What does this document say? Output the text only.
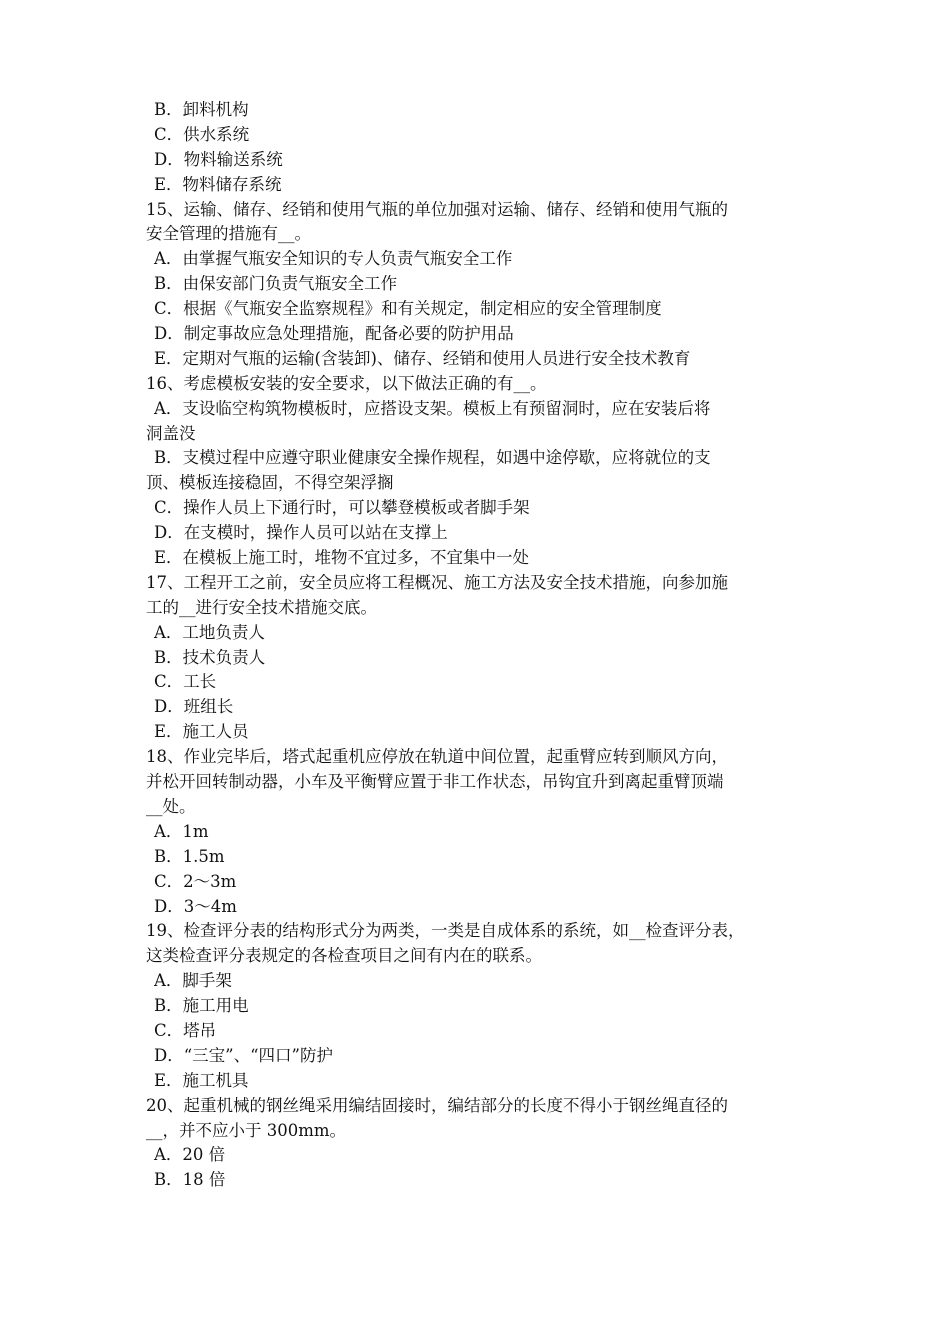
B．卸料机构
C．供水系统
D．物料输送系统
E．物料储存系统
15、运输、储存、经销和使用气瓶的单位加强对运输、储存、经销和使用气瓶的
安全管理的措施有__。
A．由掌握气瓶安全知识的专人负责气瓶安全工作
B．由保安部门负责气瓶安全工作
C．根据《气瓶安全监察规程》和有关规定，制定相应的安全管理制度
D．制定事故应急处理措施，配备必要的防护用品
E．定期对气瓶的运输(含装卸)、储存、经销和使用人员进行安全技术教育
16、考虑模板安装的安全要求，以下做法正确的有__。
A．支设临空构筑物模板时，应搭设支架。模板上有预留洞时，应在安装后将
洞盖没
B．支模过程中应遵守职业健康安全操作规程，如遇中途停歇，应将就位的支
顶、模板连接稳固，不得空架浮搁
C．操作人员上下通行时，可以攀登模板或者脚手架
D．在支模时，操作人员可以站在支撑上
E．在模板上施工时，堆物不宜过多，不宜集中一处
17、工程开工之前，安全员应将工程概况、施工方法及安全技术措施，向参加施
工的__进行安全技术措施交底。
A．工地负责人
B．技术负责人
C．工长
D．班组长
E．施工人员
18、作业完毕后，塔式起重机应停放在轨道中间位置，起重臂应转到顺风方向，
并松开回转制动器，小车及平衡臂应置于非工作状态，吊钩宜升到离起重臂顶端
__处。
A．1m
B．1.5m
C．2～3m
D．3～4m
19、检查评分表的结构形式分为两类，一类是自成体系的系统，如__检查评分表，
这类检查评分表规定的各检查项目之间有内在的联系。
A．脚手架
B．施工用电
C．塔吊
D．“三宝”、“四口”防护
E．施工机具
20、起重机械的钢丝绳采用编结固接时，编结部分的长度不得小于钢丝绳直径的
__，并不应小于 300mm。
A．20 倍
B．18 倍
